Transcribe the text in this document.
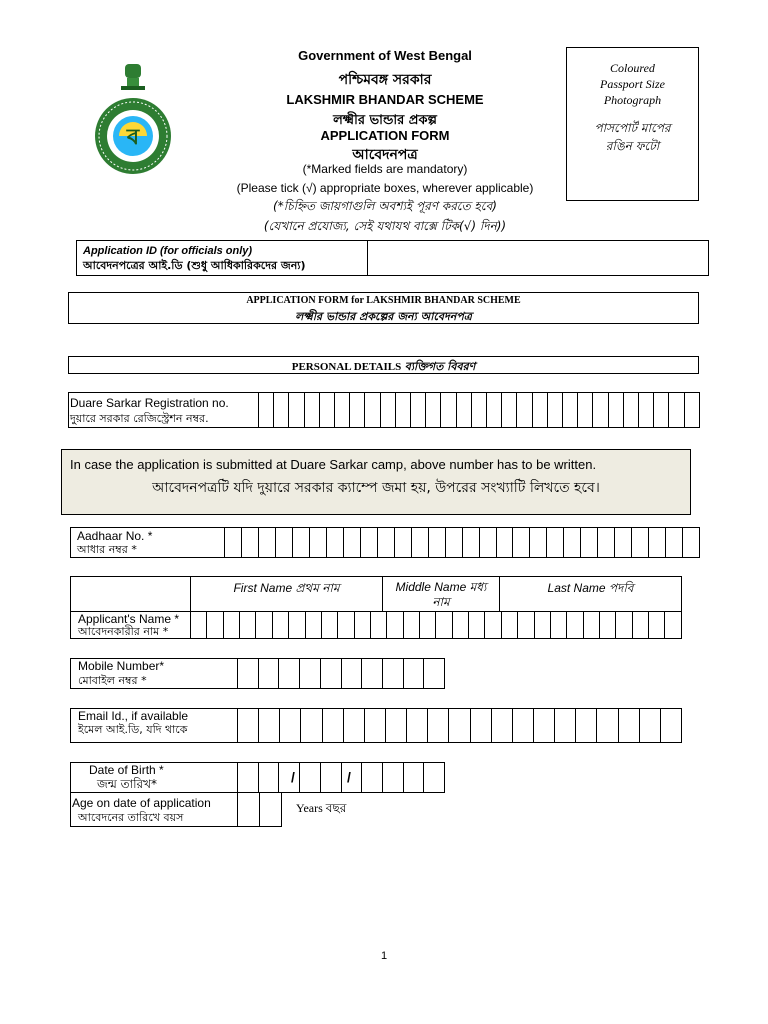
ব
Government of West Bengal
পশ্চিমবঙ্গ সরকার
LAKSHMIR BHANDAR SCHEME
লক্ষ্মীর ভান্ডার প্রকল্প
APPLICATION FORM
আবেদনপত্র
(*Marked fields are mandatory)
(Please tick (√) appropriate boxes, wherever applicable)
(*চিহ্নিত জায়গাগুলি অবশ্যই পূরণ করতে হবে)
(যেখানে প্রযোজ্য, সেই যথাযথ বাক্সে টিক(√) দিন))
Coloured
Passport Size
Photograph
পাসপোর্ট মাপের
রঙিন ফটো
Application ID (for officials only)
আবেদনপত্রের আই.ডি (শুধু আধিকারিকদের জন্য)
APPLICATION FORM for LAKSHMIR BHANDAR SCHEME
লক্ষ্মীর ভান্ডার প্রকল্পের জন্য আবেদনপত্র
PERSONAL DETAILS ব্যক্তিগত বিবরণ
Duare Sarkar Registration no.
দুয়ারে সরকার রেজিস্ট্রেশন নম্বর.
In case the application is submitted at Duare Sarkar camp, above number has to be written.
আবেদনপত্রটি যদি দুয়ারে সরকার ক্যাম্পে জমা হয়, উপরের সংখ্যাটি লিখতে হবে।
Aadhaar No. *
আধার নম্বর *
First Name প্রথম নাম	Middle Name মধ্য
নাম
Last Name পদবি
Applicant's Name *
আবেদনকারীর নাম *
Mobile Number*
মোবাইল নম্বর *
Email Id., if available
ইমেল আই.ডি, যদি থাকে
Date of Birth *
জন্ম তারিখ*	/	/
Age on date of application
আবেদনের তারিখে বয়স
Years বছর
1
